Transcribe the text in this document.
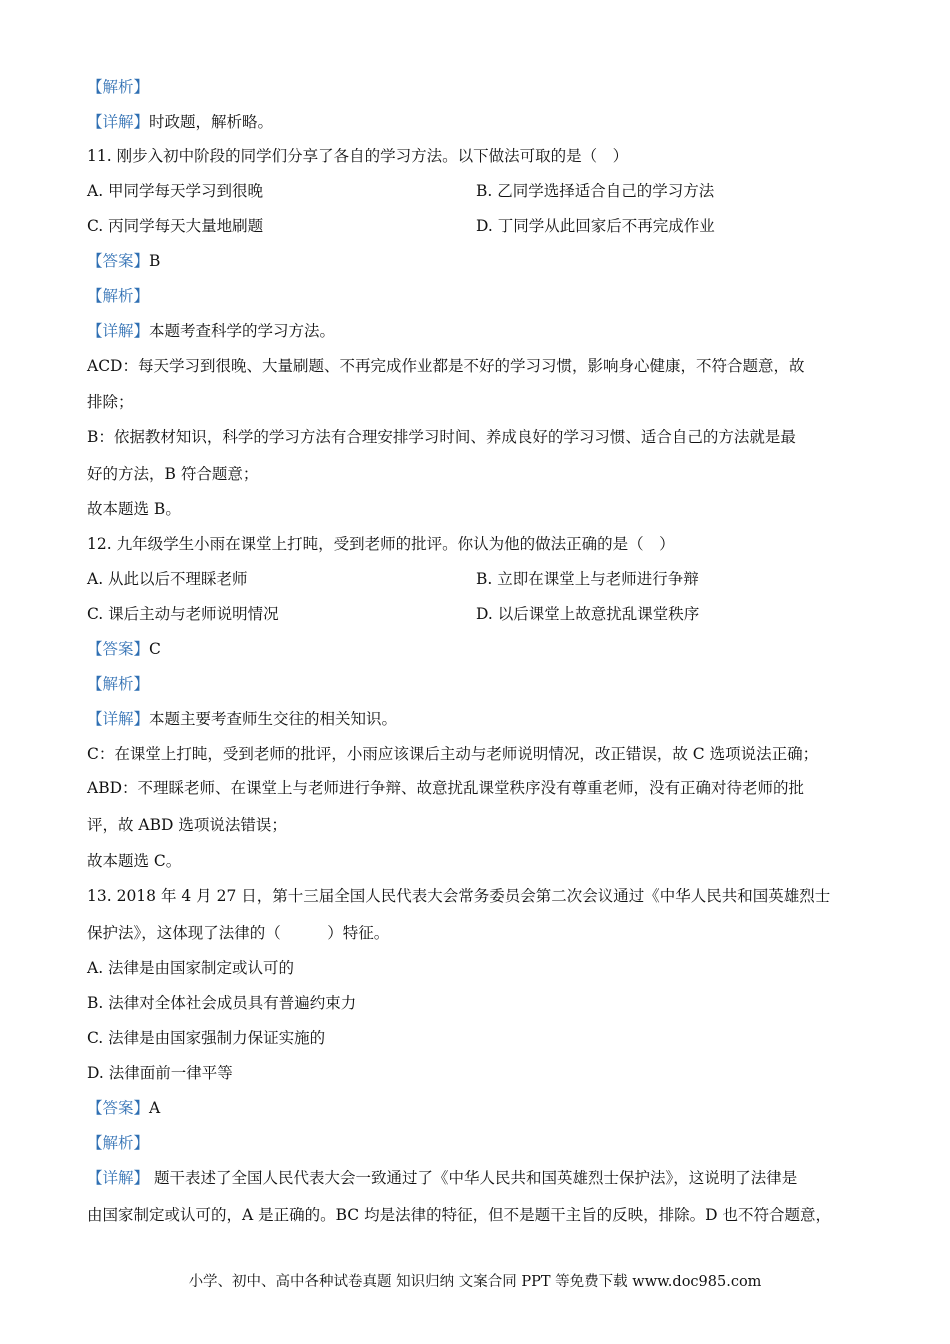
【解析】
【详解】时政题，解析略。
11. 刚步入初中阶段的同学们分享了各自的学习方法。以下做法可取的是（　）
A. 甲同学每天学习到很晚	B. 乙同学选择适合自己的学习方法
C. 丙同学每天大量地刷题	D. 丁同学从此回家后不再完成作业
【答案】B
【解析】
【详解】本题考查科学的学习方法。
ACD：每天学习到很晚、大量刷题、不再完成作业都是不好的学习习惯，影响身心健康，不符合题意，故
排除；
B：依据教材知识，科学的学习方法有合理安排学习时间、养成良好的学习习惯、适合自己的方法就是最
好的方法，B 符合题意；
故本题选 B。
12. 九年级学生小雨在课堂上打盹，受到老师的批评。你认为他的做法正确的是（　）
A. 从此以后不理睬老师	B. 立即在课堂上与老师进行争辩
C. 课后主动与老师说明情况	D. 以后课堂上故意扰乱课堂秩序
【答案】C
【解析】
【详解】本题主要考查师生交往的相关知识。
C：在课堂上打盹，受到老师的批评，小雨应该课后主动与老师说明情况，改正错误，故 C 选项说法正确；
ABD：不理睬老师、在课堂上与老师进行争辩、故意扰乱课堂秩序没有尊重老师，没有正确对待老师的批
评，故 ABD 选项说法错误；
故本题选 C。
13. 2018 年 4 月 27 日，第十三届全国人民代表大会常务委员会第二次会议通过《中华人民共和国英雄烈士
保护法》，这体现了法律的（　　　）特征。
A. 法律是由国家制定或认可的
B. 法律对全体社会成员具有普遍约束力
C. 法律是由国家强制力保证实施的
D. 法律面前一律平等
【答案】A
【解析】
【详解】 题干表述了全国人民代表大会一致通过了《中华人民共和国英雄烈士保护法》，这说明了法律是
由国家制定或认可的，A 是正确的。BC 均是法律的特征，但不是题干主旨的反映，排除。D 也不符合题意，
小学、初中、高中各种试卷真题 知识归纳 文案合同 PPT 等免费下载 www.doc985.com
